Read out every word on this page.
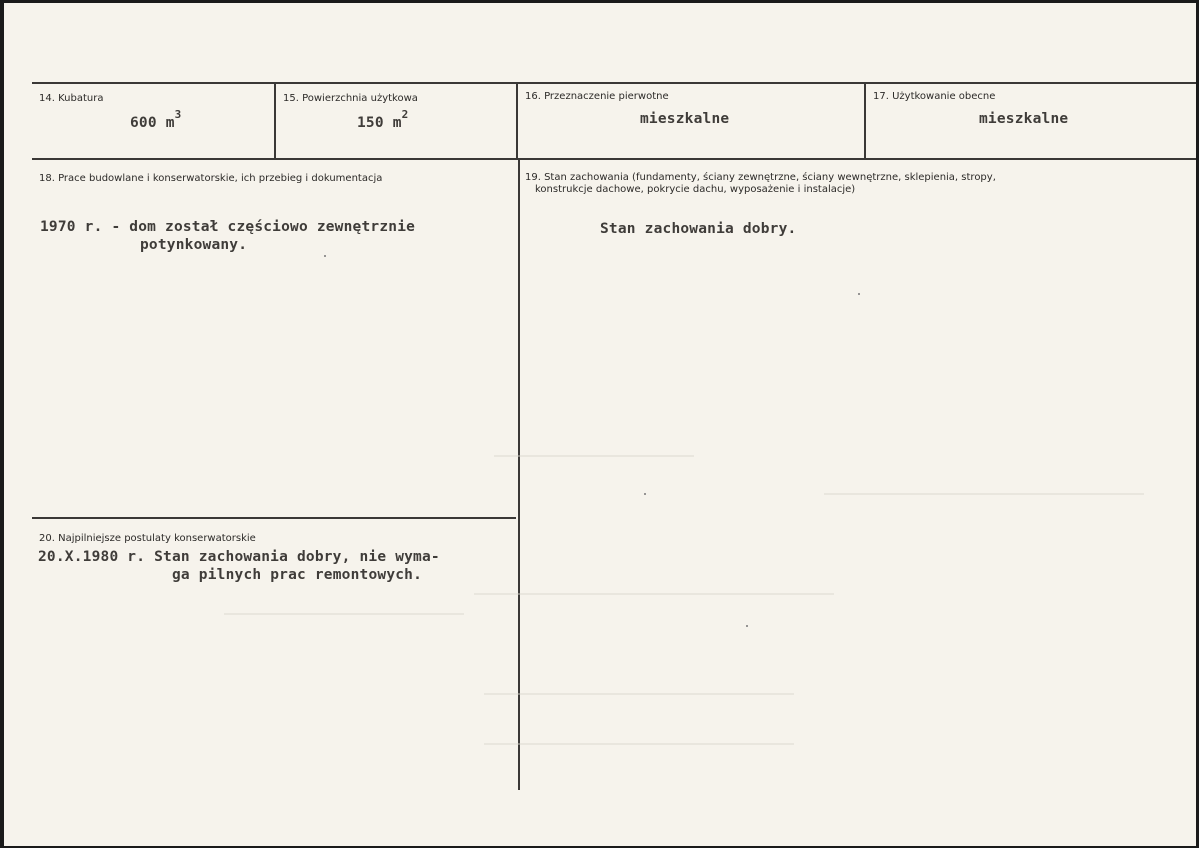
14. Kubatura
600 $m^3$
15. Powierzchnia użytkowa
150 $m^2$
16. Przeznaczenie pierwotne
mieszkalne
17. Użytkowanie obecne
mieszkalne
18. Prace budowlane i konserwatorskie, ich przebieg i dokumentacja
1970 r. - dom został częściowo zewnętrznie
potynkowany.
19. Stan zachowania (fundamenty, ściany zewnętrzne, ściany wewnętrzne, sklepienia, stropy,
konstrukcje dachowe, pokrycie dachu, wyposażenie i instalacje)
Stan zachowania dobry.
20. Najpilniejsze postulaty konserwatorskie
20.X.1980 r. Stan zachowania dobry, nie wyma-
ga pilnych prac remontowych.
